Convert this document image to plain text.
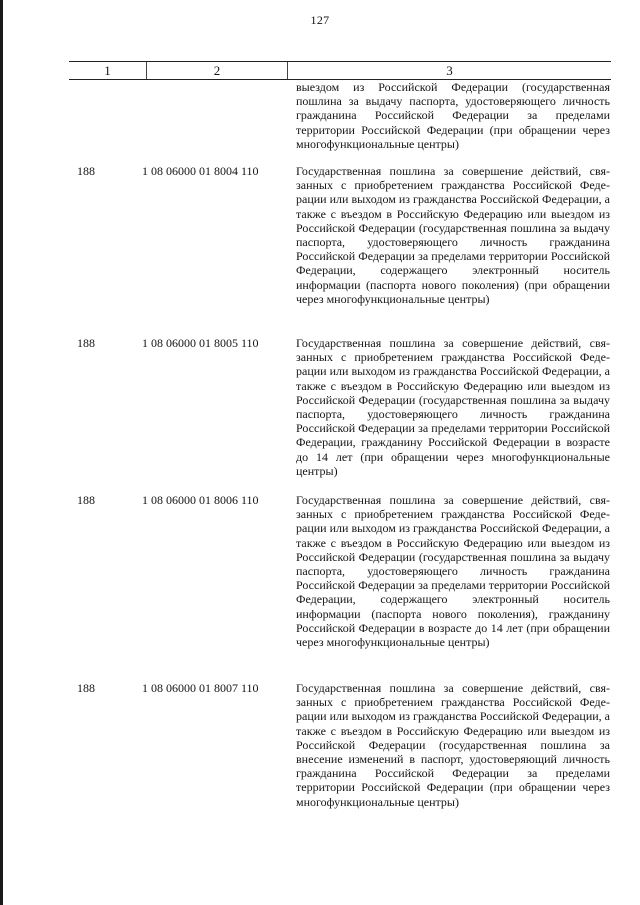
127
1	2	3
выездом из Российской Федерации (государственная пошлина за выдачу паспорта, удостоверяющего личность гражданина Российской Федерации за пределами территории Российской Федерации (при обращении через многофункциональные центры)
188	1 08 06000 01 8004 110	Государственная пошлина за совершение действий, связанных с приобретением гражданства Российской Федерации или выходом из гражданства Российской Федерации, а также с въездом в Российскую Федерацию или выездом из Российской Федерации (государственная пошлина за выдачу паспорта, удостоверяющего личность гражданина Российской Федерации за пределами территории Российской Федерации, содержащего электронный носитель информации (паспорта нового поколения) (при обращении через многофункциональные центры)
188	1 08 06000 01 8005 110	Государственная пошлина за совершение действий, связанных с приобретением гражданства Российской Федерации или выходом из гражданства Российской Федерации, а также с въездом в Российскую Федерацию или выездом из Российской Федерации (государственная пошлина за выдачу паспорта, удостоверяющего личность гражданина Российской Федерации за пределами территории Российской Федерации, гражданину Российской Федерации в возрасте до 14 лет (при обращении через многофункциональные центры)
188	1 08 06000 01 8006 110	Государственная пошлина за совершение действий, связанных с приобретением гражданства Российской Федерации или выходом из гражданства Российской Федерации, а также с въездом в Российскую Федерацию или выездом из Российской Федерации (государственная пошлина за выдачу паспорта, удостоверяющего личность гражданина Российской Федерации за пределами территории Российской Федерации, содержащего электронный носитель информации (паспорта нового поколения), гражданину Российской Федерации в возрасте до 14 лет (при обращении через многофункциональные центры)
188	1 08 06000 01 8007 110	Государственная пошлина за совершение действий, связанных с приобретением гражданства Российской Федерации или выходом из гражданства Российской Федерации, а также с въездом в Российскую Федерацию или выездом из Российской Федерации (государственная пошлина за внесение изменений в паспорт, удостоверяющий личность гражданина Российской Федерации за пределами территории Российской Федерации (при обращении через многофункциональные центры)
